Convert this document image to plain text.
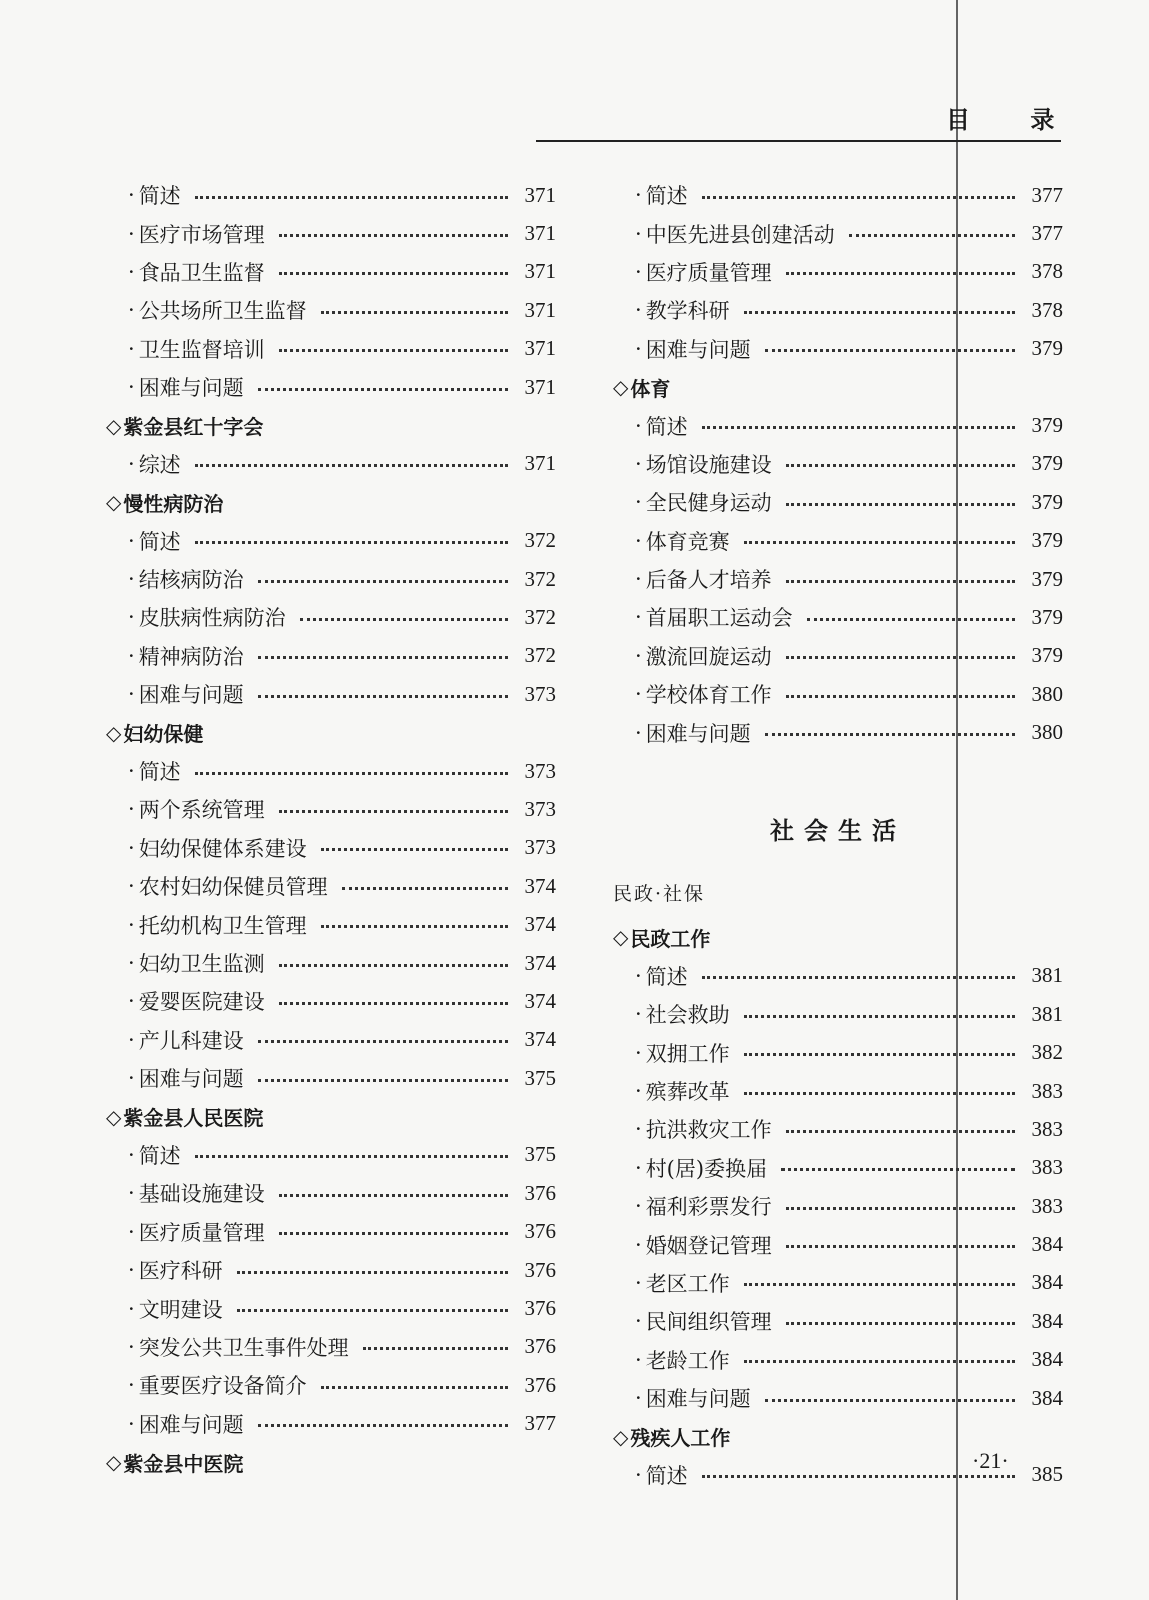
目 录
· 简述	371
· 医疗市场管理	371
· 食品卫生监督	371
· 公共场所卫生监督	371
· 卫生监督培训	371
· 困难与问题	371
◇ 紫金县红十字会
· 综述	371
◇ 慢性病防治
· 简述	372
· 结核病防治	372
· 皮肤病性病防治	372
· 精神病防治	372
· 困难与问题	373
◇ 妇幼保健
· 简述	373
· 两个系统管理	373
· 妇幼保健体系建设	373
· 农村妇幼保健员管理	374
· 托幼机构卫生管理	374
· 妇幼卫生监测	374
· 爱婴医院建设	374
· 产儿科建设	374
· 困难与问题	375
◇ 紫金县人民医院
· 简述	375
· 基础设施建设	376
· 医疗质量管理	376
· 医疗科研	376
· 文明建设	376
· 突发公共卫生事件处理	376
· 重要医疗设备简介	376
· 困难与问题	377
◇ 紫金县中医院
· 简述	377
· 中医先进县创建活动	377
· 医疗质量管理	378
· 教学科研	378
· 困难与问题	379
◇ 体育
· 简述	379
· 场馆设施建设	379
· 全民健身运动	379
· 体育竞赛	379
· 后备人才培养	379
· 首届职工运动会	379
· 激流回旋运动	379
· 学校体育工作	380
· 困难与问题	380
社会生活
民政·社保
◇ 民政工作
· 简述	381
· 社会救助	381
· 双拥工作	382
· 殡葬改革	383
· 抗洪救灾工作	383
· 村(居)委换届	383
· 福利彩票发行	383
· 婚姻登记管理	384
· 老区工作	384
· 民间组织管理	384
· 老龄工作	384
· 困难与问题	384
◇ 残疾人工作
· 简述	385
·21·
